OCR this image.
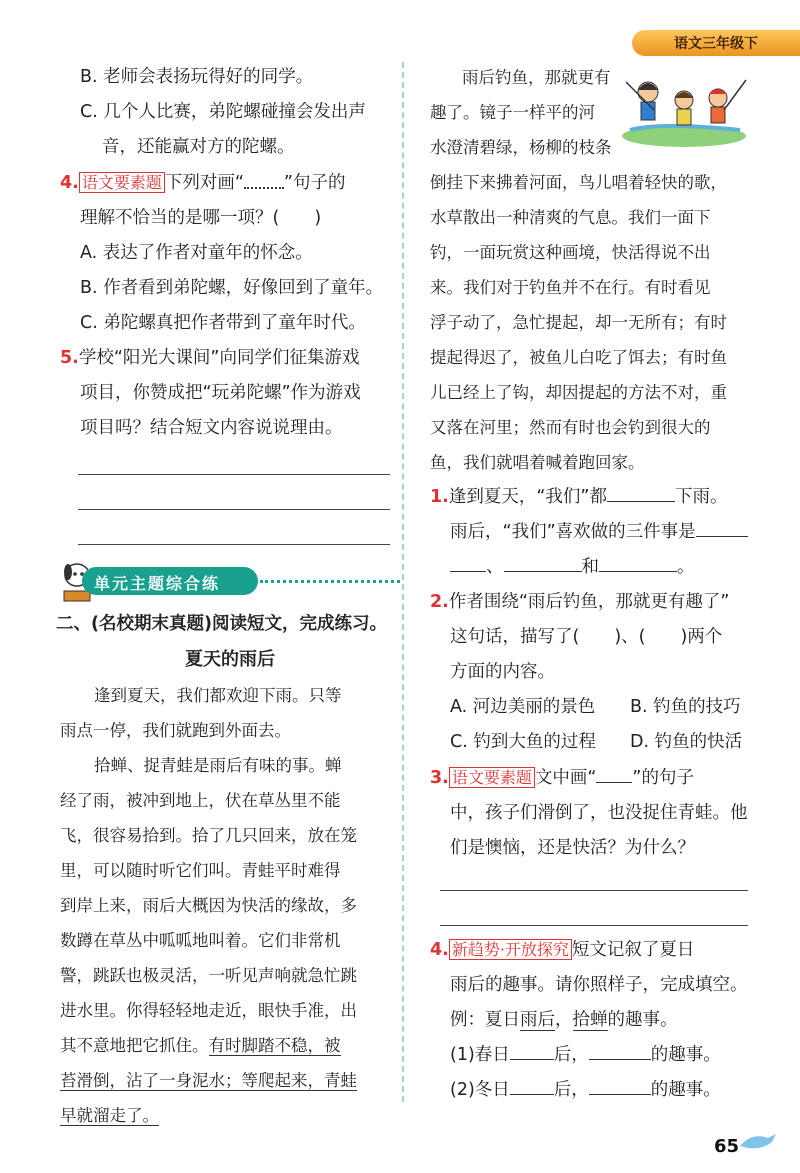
语文三年级下
B. 老师会表扬玩得好的同学。
C. 几个人比赛，弟陀螺碰撞会发出声
音，还能赢对方的陀螺。
4. 语文要素题 下列对画“ ”句子的
理解不恰当的是哪一项？(　　)
A. 表达了作者对童年的怀念。
B. 作者看到弟陀螺，好像回到了童年。
C. 弟陀螺真把作者带到了童年时代。
5.学校“阳光大课间”向同学们征集游戏
项目，你赞成把“玩弟陀螺”作为游戏
项目吗？结合短文内容说说理由。
单元主题综合练
二、(名校期末真题)阅读短文，完成练习。
夏天的雨后
逢到夏天，我们都欢迎下雨。只等
雨点一停，我们就跑到外面去。
拾蝉、捉青蛙是雨后有味的事。蝉
经了雨，被冲到地上，伏在草丛里不能
飞，很容易拾到。拾了几只回来，放在笼
里，可以随时听它们叫。青蛙平时难得
到岸上来，雨后大概因为快活的缘故，多
数蹲在草丛中呱呱地叫着。它们非常机
警，跳跃也极灵活，一听见声响就急忙跳
进水里。你得轻轻地走近，眼快手准，出
其不意地把它抓住。有时脚踏不稳，被
苔滑倒，沾了一身泥水；等爬起来，青蛙
早就溜走了。
雨后钓鱼，那就更有
趣了。镜子一样平的河
水澄清碧绿，杨柳的枝条
倒挂下来拂着河面，鸟儿唱着轻快的歌，
水草散出一种清爽的气息。我们一面下
钓，一面玩赏这种画境，快活得说不出
来。我们对于钓鱼并不在行。有时看见
浮子动了，急忙提起，却一无所有；有时
提起得迟了，被鱼儿白吃了饵去；有时鱼
儿已经上了钩，却因提起的方法不对，重
又落在河里；然而有时也会钓到很大的
鱼，我们就唱着喊着跑回家。
1.逢到夏天，“我们”都	下雨。
雨后，“我们”喜欢做的三件事是
、	和	。
2.作者围绕“雨后钓鱼，那就更有趣了”
这句话，描写了(　　)、(　　)两个
方面的内容。
A. 河边美丽的景色 B. 钓鱼的技巧
C. 钓到大鱼的过程 D. 钓鱼的快活
3. 语文要素题 文中画“ ”的句子
中，孩子们滑倒了，也没捉住青蛙。他
们是懊恼，还是快活？为什么？
4. 新趋势·开放探究 短文记叙了夏日
雨后的趣事。请你照样子，完成填空。
例：夏日雨后，拾蝉的趣事。
(1)春日	后，	的趣事。
(2)冬日	后，	的趣事。
65
